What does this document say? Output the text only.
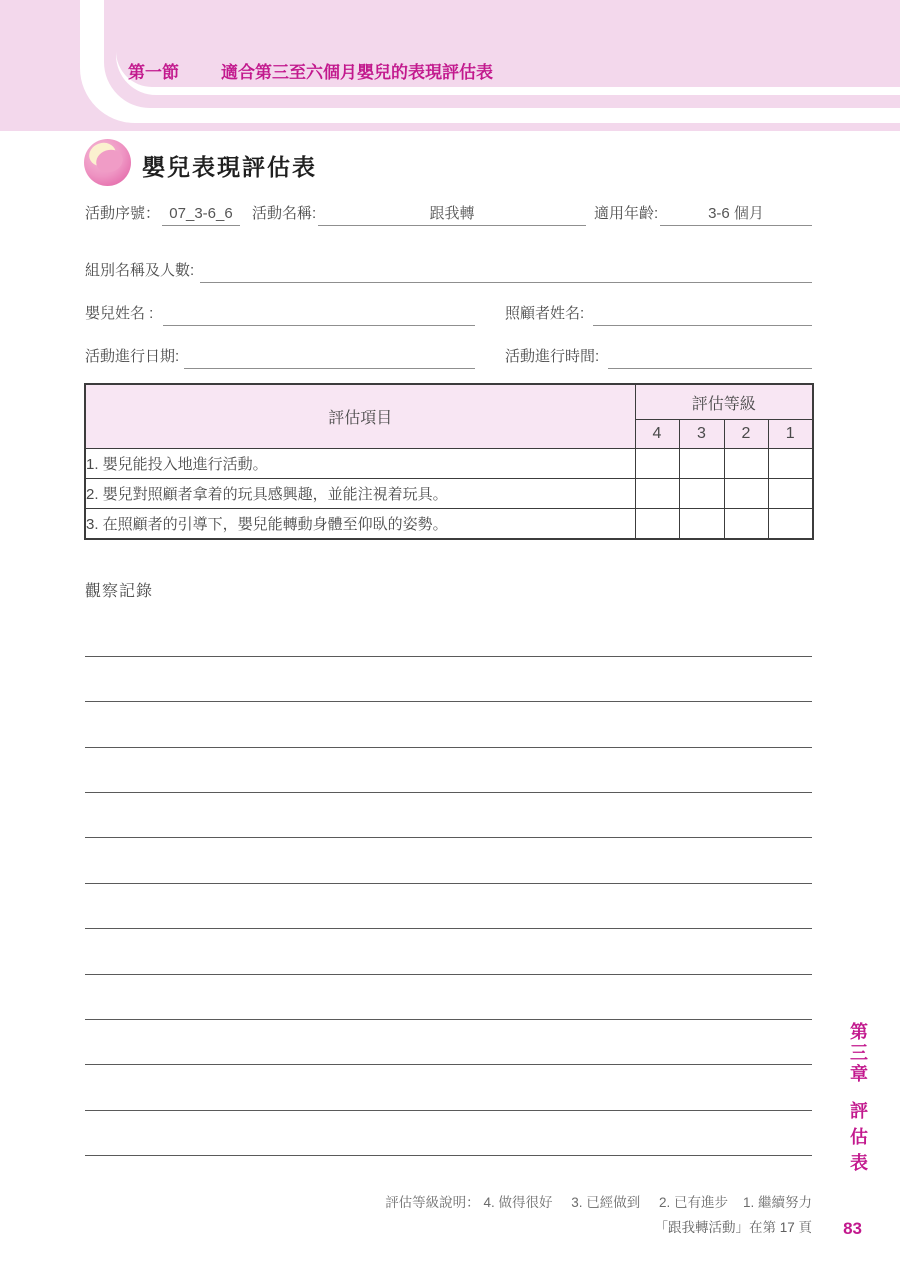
第一節 適合第三至六個月嬰兒的表現評估表
嬰兒表現評估表
活動序號： 07_3-6_6	活動名稱:	跟我轉	適用年齡:	3-6 個月
組別名稱及人數:
嬰兒姓名 :	照顧者姓名:
活動進行日期:	活動進行時間:
評估項目	評估等級			
	4	3	2	1
1. 嬰兒能投入地進行活動。				
2. 嬰兒對照顧者拿着的玩具感興趣，並能注視着玩具。				
3. 在照顧者的引導下，嬰兒能轉動身體至仰臥的姿勢。				
觀察記錄
評估等級說明： 4. 做得很好     3. 已經做到     2. 已有進步    1. 繼續努力
「跟我轉活動」在第 17 頁 83
第三章
評估表
